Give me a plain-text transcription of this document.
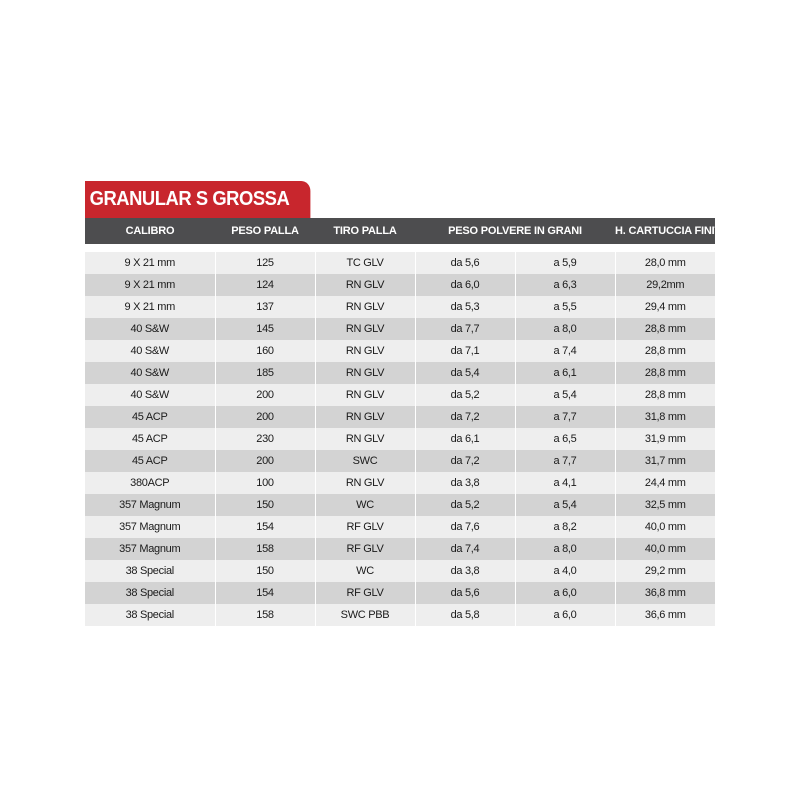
GRANULAR S GROSSA
CALIBRO	PESO PALLA	TIRO PALLA	PESO POLVERE IN GRANI		H. CARTUCCIA FINITA

9 X 21 mm	125	TC GLV	da 5,6	a 5,9	28,0 mm
9 X 21 mm	124	RN GLV	da 6,0	a 6,3	29,2mm
9 X 21 mm	137	RN GLV	da 5,3	a 5,5	29,4 mm
40 S&W	145	RN GLV	da 7,7	a 8,0	28,8 mm
40 S&W	160	RN GLV	da 7,1	a 7,4	28,8 mm
40 S&W	185	RN GLV	da 5,4	a 6,1	28,8 mm
40 S&W	200	RN GLV	da 5,2	a 5,4	28,8 mm
45 ACP	200	RN GLV	da 7,2	a 7,7	31,8 mm
45 ACP	230	RN GLV	da 6,1	a 6,5	31,9 mm
45 ACP	200	SWC	da 7,2	a 7,7	31,7 mm
380ACP	100	RN GLV	da 3,8	a 4,1	24,4 mm
357 Magnum	150	WC	da 5,2	a 5,4	32,5 mm
357 Magnum	154	RF GLV	da 7,6	a 8,2	40,0 mm
357 Magnum	158	RF GLV	da 7,4	a 8,0	40,0 mm
38 Special	150	WC	da 3,8	a 4,0	29,2 mm
38 Special	154	RF GLV	da 5,6	a 6,0	36,8 mm
38 Special	158	SWC PBB	da 5,8	a 6,0	36,6 mm
